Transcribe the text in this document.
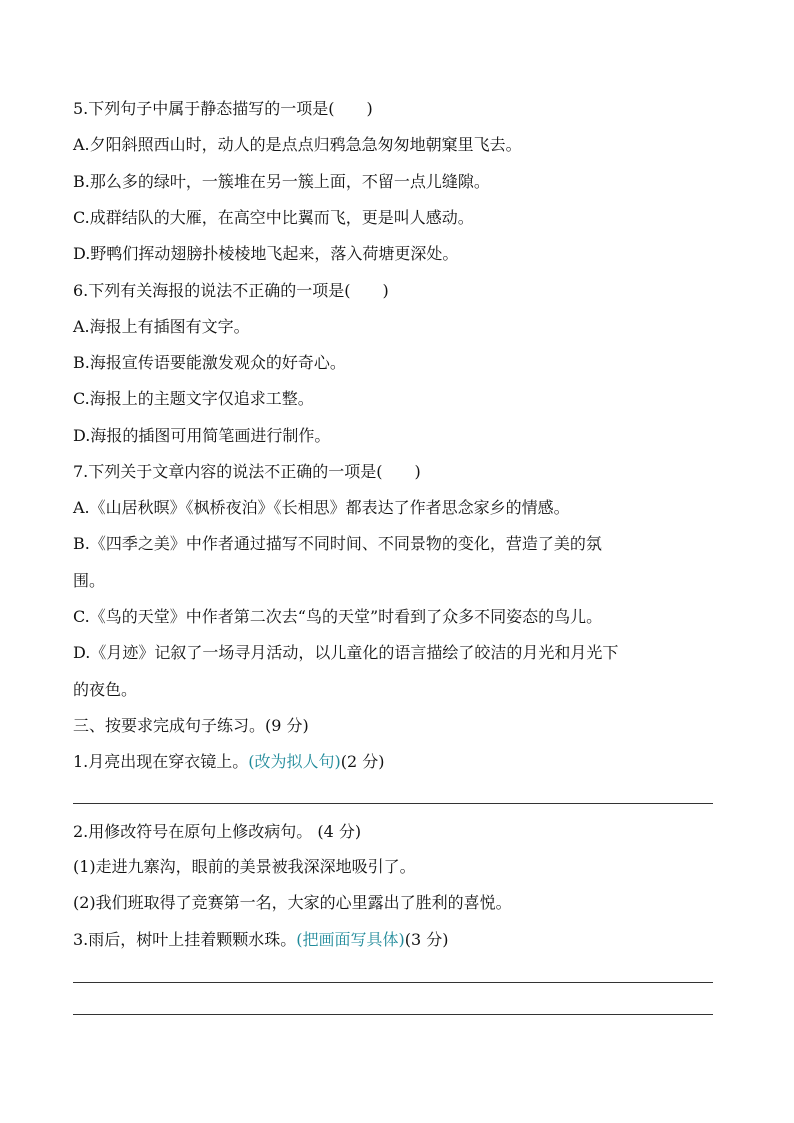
5.下列句子中属于静态描写的一项是(　　)
A.夕阳斜照西山时，动人的是点点归鸦急急匆匆地朝窠里飞去。
B.那么多的绿叶，一簇堆在另一簇上面，不留一点儿缝隙。
C.成群结队的大雁，在高空中比翼而飞，更是叫人感动。
D.野鸭们挥动翅膀扑棱棱地飞起来，落入荷塘更深处。
6.下列有关海报的说法不正确的一项是(　　)
A.海报上有插图有文字。
B.海报宣传语要能激发观众的好奇心。
C.海报上的主题文字仅追求工整。
D.海报的插图可用简笔画进行制作。
7.下列关于文章内容的说法不正确的一项是(　　)
A.《山居秋暝》《枫桥夜泊》《长相思》都表达了作者思念家乡的情感。
B.《四季之美》中作者通过描写不同时间、不同景物的变化，营造了美的氛
围。
C.《鸟的天堂》中作者第二次去“鸟的天堂”时看到了众多不同姿态的鸟儿。
D.《月迹》记叙了一场寻月活动，以儿童化的语言描绘了皎洁的月光和月光下
的夜色。
三、按要求完成句子练习。(9 分)
1.月亮出现在穿衣镜上。(改为拟人句)(2 分)
2.用修改符号在原句上修改病句。 (4 分)
(1)走进九寨沟，眼前的美景被我深深地吸引了。
(2)我们班取得了竞赛第一名，大家的心里露出了胜利的喜悦。
3.雨后，树叶上挂着颗颗水珠。(把画面写具体)(3 分)
